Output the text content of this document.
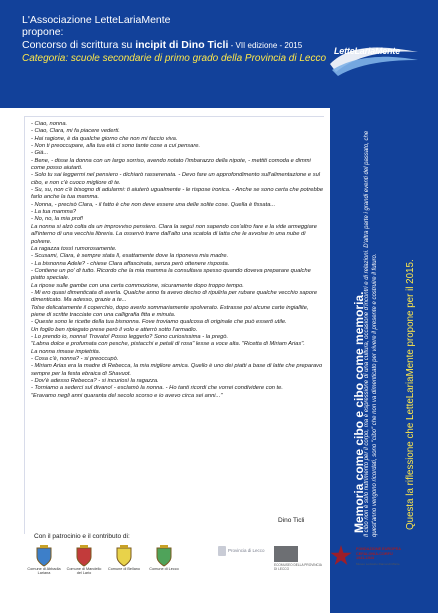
L'Associazione LetteLariaMente
propone:
Concorso di scrittura su incipit di Dino Ticli - VII edizione - 2015
Categoria: scuole secondarie di primo grado della Provincia di Lecco
LetteLariaMente

- Ciao, nonna.

- Ciao, Clara, mi fa piacere vederti.

- Hai ragione, è da qualche giorno che non mi faccio viva.

- Non ti preoccupare, alla tua età ci sono tante cose a cui pensare.

- Già...

- Bene, - disse la donna con un largo sorriso, avendo notato l'imbarazzo della nipote, - mettiti comoda e dimmi come posso aiutarti.

- Solo tu sai leggermi nel pensiero - dichiarò rasserenata. - Devo fare un approfondimento sull'alimentazione e sul cibo, e non c'è cuoco migliore di te.

- Su, su, non c'è bisogno di adularmi: ti aiuterò ugualmente - le rispose ironica. - Anche se sono certa che potrebbe farlo anche la tua mamma.

- Nonna, - precisò Clara, - il fatto è che non deve essere una delle solite cose. Quella è fissata...

- La tua mamma?

- No, no, la mia prof!

La nonna si alzò colta da un improvviso pensiero. Clara la seguì non sapendo cos'altro fare e la vide armeggiare all'interno di una vecchia libreria. La osservò trarre dall'alto una scatola di latta che le avvolse in una nube di polvere.

La ragazza tossì rumorosamente.

- Scusami, Clara, è sempre stata lì, esattamente dove la riponeva mia madre.

- La bisnonna Adele? - chiese Clara affascinata, senza però ottenere risposta.

- Contiene un po' di tutto. Ricordo che la mia mamma la consultava spesso quando doveva preparare qualche piatto speciale.

La ripose sulle gambe con una certa commozione, sicuramente dopo troppo tempo.

- Mi ero quasi dimenticata di averla. Qualche anno fa avevo deciso di ripulirla per rubare qualche vecchio sapore dimenticato. Ma adesso, grazie a te...

Tolse delicatamente il coperchio, dopo averlo sommariamente spolverato. Estrasse poi alcune carte ingiallite, piene di scritte tracciate con una calligrafia fitta e minuta.

- Queste sono le ricette della tua bisnonna. Fove troviamo qualcosa di originale che può esserti utile.

Un foglio ben ripiegato prese però il volo e atterrò sotto l'armadio.

- Lo prendo io, nonna! Trovato! Posso leggerlo? Sono curiosissima - la pregò.

"Labna dolce e profumata con pesche, pistacchi e petali di rosa" lesse a voce alta. "Ricetta di Miriam Arias".

La nonna rimase impietrita.

- Cosa c'è, nonna? - si preoccupò.

- Miriam Arias era la madre di Rebecca, la mia migliore amica. Quello è uno dei piatti a base di latte che preparavo sempre per la festa ebraica di Shavuot.

- Dov'è adesso Rebecca? - si incuriosì la ragazza.

- Torniamo a sederci sul divano! - esclamò la nonna. - Ho tanti ricordi che vorrei condividere con te.

"Eravamo negli anni quaranta del secolo scorso e io avevo circa sei anni..."

Dino Ticli	Memoria come cibo e cibo come memoria.
Il cibo non è solo nutrimento per il corpo, ma è espressione di una cultura, occasione d'incontri e di relazioni. D'altra parte i grandi eventi del passato, che quest'anno vengono ricordati, sono "cibo" che non va dimenticato per vivere il presente e costruire il futuro.	Questa la riflessione che LetteLariaMente propone per il 2015.
Con il patrocinio e il contributo di:
Comune di Abbadia Lariana
Comune di Mandello del Lario
Comune di Bellano	Comune di Lecco
Provincia di Lecco
ECOMUSEO DELLA PROVINCIA DI LECCO
FONDAZIONE EUROPEA
CEFALONIA-CORFÙ
1941-1944
Museo Lodovico Ramondi Mistre
